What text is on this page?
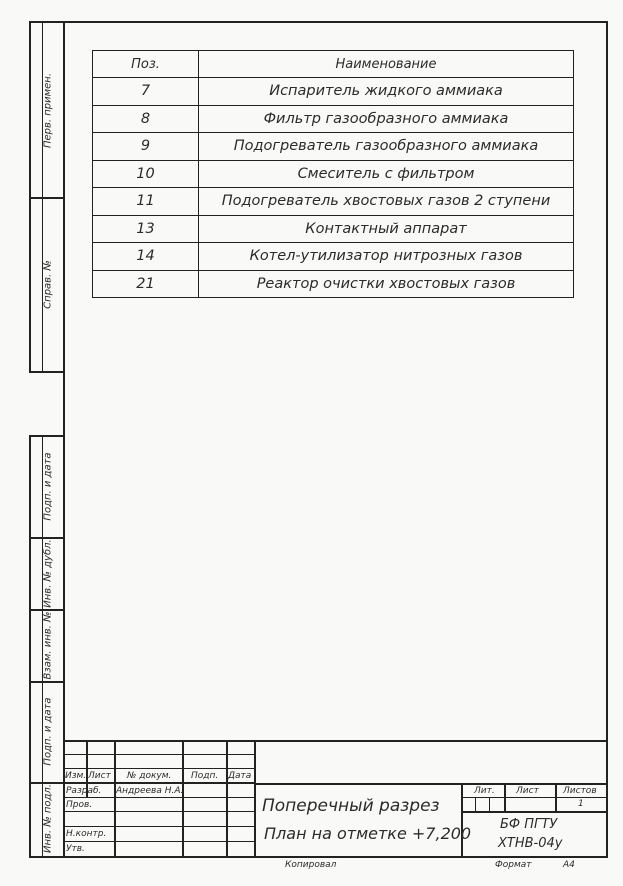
Перв. примен.
Справ. №
Подп. и дата
Инв. № дубл.
Взам. инв. №
Подп. и дата
Инв. № подл.
Поз.	Наименование
7	Испаритель жидкого аммиака
8	Фильтр газообразного аммиака
9	Подогреватель газообразного аммиака
10	Смеситель с фильтром
11	Подогреватель хвостовых газов 2 ступени
13	Контактный аппарат
14	Котел-утилизатор нитрозных газов
21	Реактор очистки хвостовых газов
Изм. Лист № докум. Подп. Дата
Разраб. Андреева Н.А.
Пров.
Н.контр.
Утв.
Поперечный разрез
План на отметке +7,200
Лит. Лист	Листов
1
БФ ПГТУ
ХТНВ-04у
Копировал	Формат	А4
